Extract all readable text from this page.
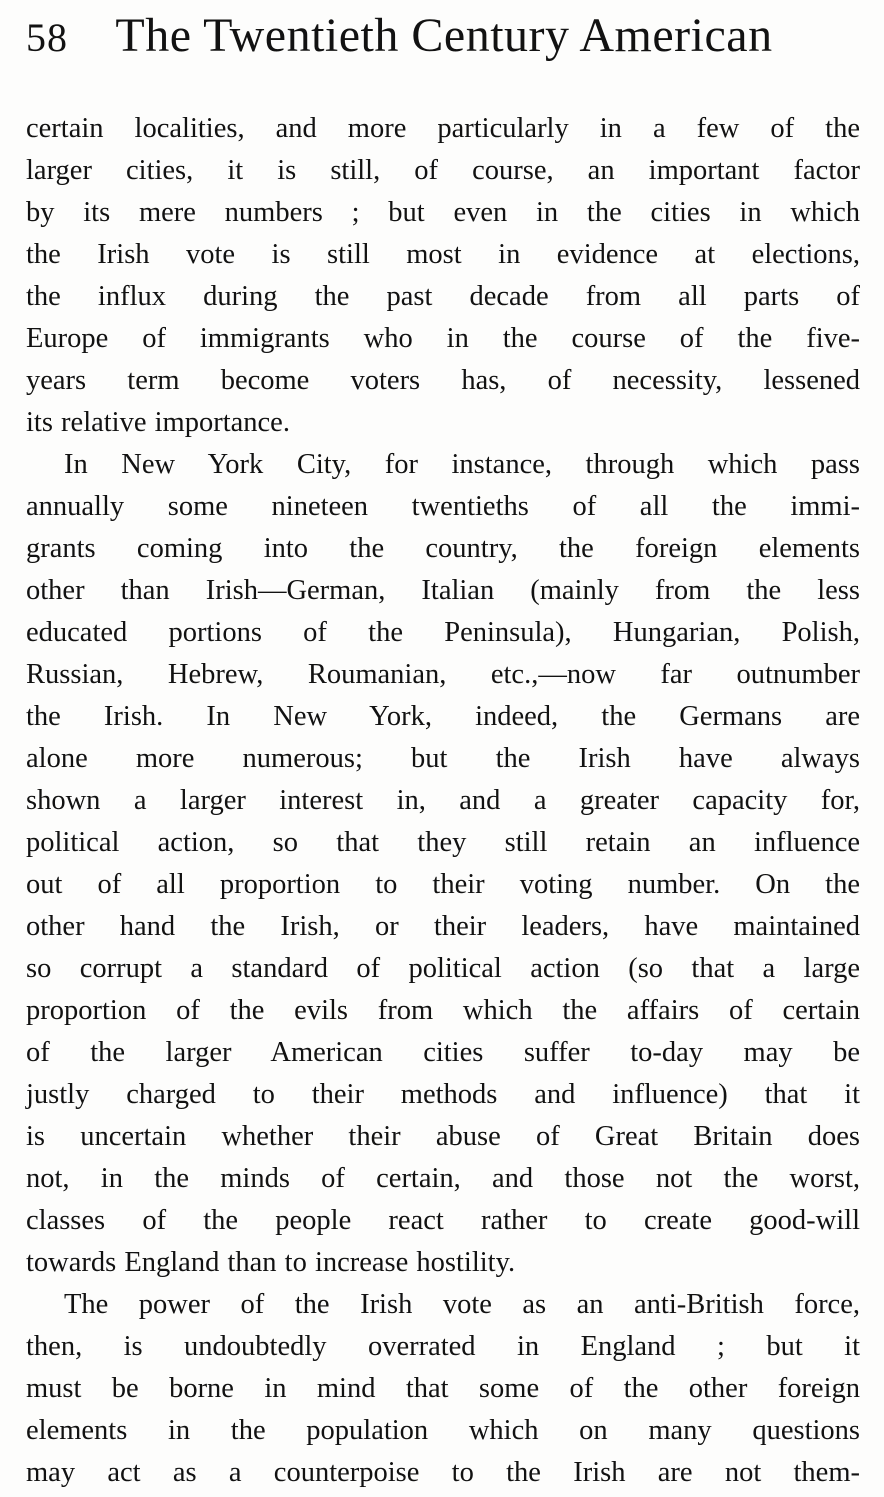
58 The Twentieth Century American
certain localities, and more particularly in a few of the
larger cities, it is still, of course, an important factor
by its mere numbers ; but even in the cities in which
the Irish vote is still most in evidence at elections,
the influx during the past decade from all parts of
Europe of immigrants who in the course of the five-
years term become voters has, of necessity, lessened
its relative importance.
In New York City, for instance, through which pass
annually some nineteen twentieths of all the immi-
grants coming into the country, the foreign elements
other than Irish—German, Italian (mainly from the less
educated portions of the Peninsula), Hungarian, Polish,
Russian, Hebrew, Roumanian, etc.,—now far outnumber
the Irish. In New York, indeed, the Germans are
alone more numerous; but the Irish have always
shown a larger interest in, and a greater capacity for,
political action, so that they still retain an influence
out of all proportion to their voting number. On the
other hand the Irish, or their leaders, have maintained
so corrupt a standard of political action (so that a large
proportion of the evils from which the affairs of certain
of the larger American cities suffer to-day may be
justly charged to their methods and influence) that it
is uncertain whether their abuse of Great Britain does
not, in the minds of certain, and those not the worst,
classes of the people react rather to create good-will
towards England than to increase hostility.
The power of the Irish vote as an anti-British force,
then, is undoubtedly overrated in England ; but it
must be borne in mind that some of the other foreign
elements in the population which on many questions
may act as a counterpoise to the Irish are not them-
